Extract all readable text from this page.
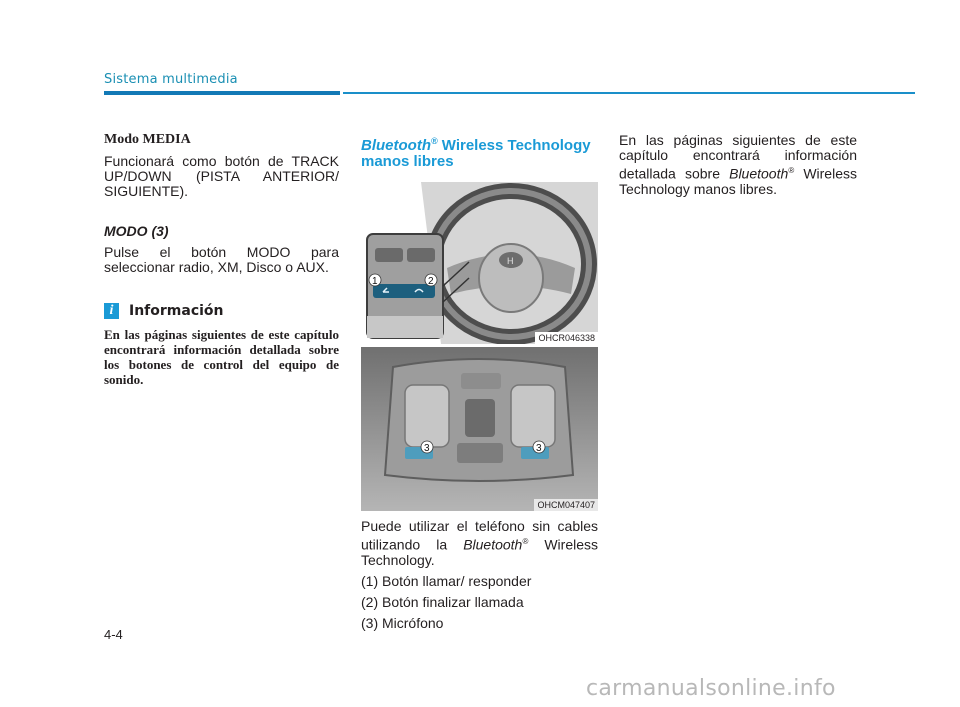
Sistema multimedia
Modo MEDIA

Funcionará como botón de TRACK UP/DOWN (PISTA ANTERIOR/ SIGUIENTE).

MODO (3)

Pulse el botón MODO para seleccionar radio, XM, Disco o AUX.

i	Información

En las páginas siguientes de este capítulo encontrará información detallada sobre los botones de control del equipo de sonido.

Bluetooth® Wireless Technology manos libres
H
1	2
OHCR046338
3	3
OHCM047407

Puede utilizar el teléfono sin cables utilizando la Bluetooth® Wireless Technology.

(1) Botón llamar/ responder

(2) Botón finalizar llamada

(3) Micrófono

En las páginas siguientes de este capítulo encontrará información detallada sobre Bluetooth® Wireless Technology manos libres.

4-4
carmanualsonline.info
